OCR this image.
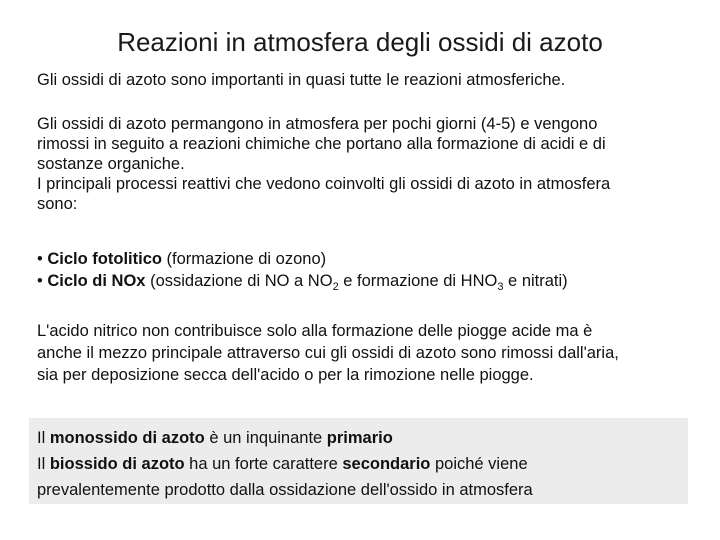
Reazioni in atmosfera degli ossidi di azoto
Gli ossidi di azoto sono importanti in quasi tutte le reazioni atmosferiche.
Gli ossidi di azoto permangono in atmosfera per pochi giorni (4-5) e vengono
rimossi in seguito a reazioni chimiche che portano alla formazione di acidi e di
sostanze organiche.
I principali processi reattivi che vedono coinvolti gli ossidi di azoto in atmosfera
sono:
• Ciclo fotolitico (formazione di ozono)
• Ciclo di NOx (ossidazione di NO a $NO_2$ e formazione di $HNO_3$ e nitrati)
L'acido nitrico non contribuisce solo alla formazione delle piogge acide ma è
anche il mezzo principale attraverso cui gli ossidi di azoto sono rimossi dall'aria,
sia per deposizione secca dell'acido o per la rimozione nelle piogge.
Il monossido di azoto è un inquinante primario
Il biossido di azoto ha un forte carattere secondario poiché viene
prevalentemente prodotto dalla ossidazione dell'ossido in atmosfera
